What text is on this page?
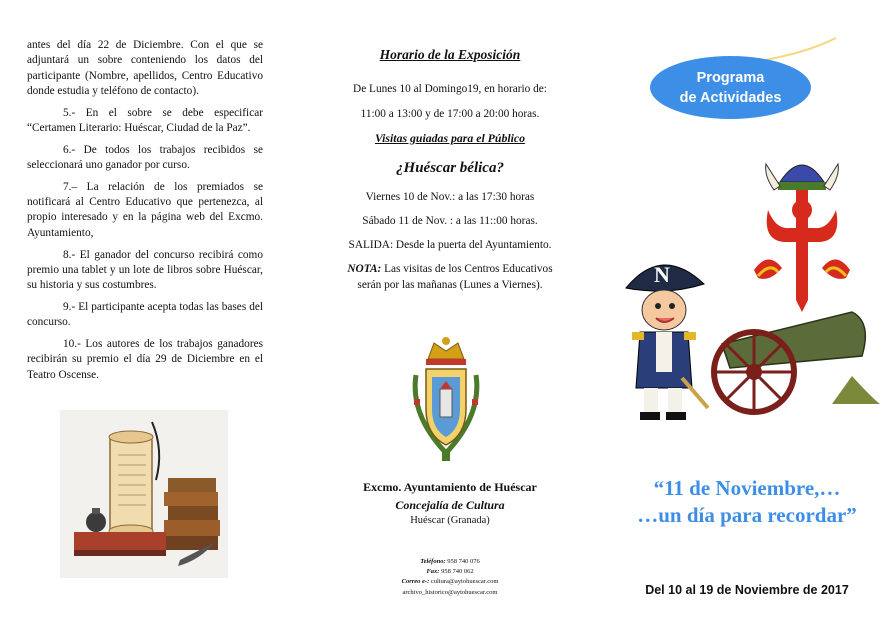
antes del día 22 de Diciembre. Con el que se adjuntará un sobre conteniendo los datos del participante (Nombre, apellidos, Centro Educativo donde estudia y teléfono de contacto).

5.- En el sobre se debe especificar “Certamen Literario: Huéscar, Ciudad de la Paz”.

6.- De todos los trabajos recibidos se seleccionará uno ganador por curso.

7.– La relación de los premiados se notificará al Centro Educativo que pertenezca, al propio interesado y en la página web del Excmo. Ayuntamiento,

8.- El ganador del concurso recibirá como premio una tablet y un lote de libros sobre Huéscar, su historia y sus costumbres.

9.- El participante acepta todas las bases del concurso.

10.- Los autores de los trabajos ganadores recibirán su premio el día 29 de Diciembre en el Teatro Oscense.

Horario de la Exposición
De Lunes 10 al Domingo19, en horario de:
11:00 a 13:00 y de 17:00 a 20:00 horas.
Visitas guiadas para el Público
¿Huéscar bélica?
Viernes 10 de Nov.: a las 17:30 horas
Sábado 11 de Nov. : a las 11::00 horas.
SALIDA: Desde la puerta del Ayuntamiento.
NOTA: Las visitas de los Centros Educativos
serán por las mañanas (Lunes a Viernes).
Excmo. Ayuntamiento de Huéscar
Concejalía de Cultura
Huéscar (Granada)
Teléfono: 958 740 076
Fax: 958 740 062
Correo e-: cultura@aytohuescar.com
archivo_historico@aytohuescar.com
Programa
de Actividades
N
“11 de Noviembre,…
…un día para recordar”
Del 10 al 19 de Noviembre de 2017
